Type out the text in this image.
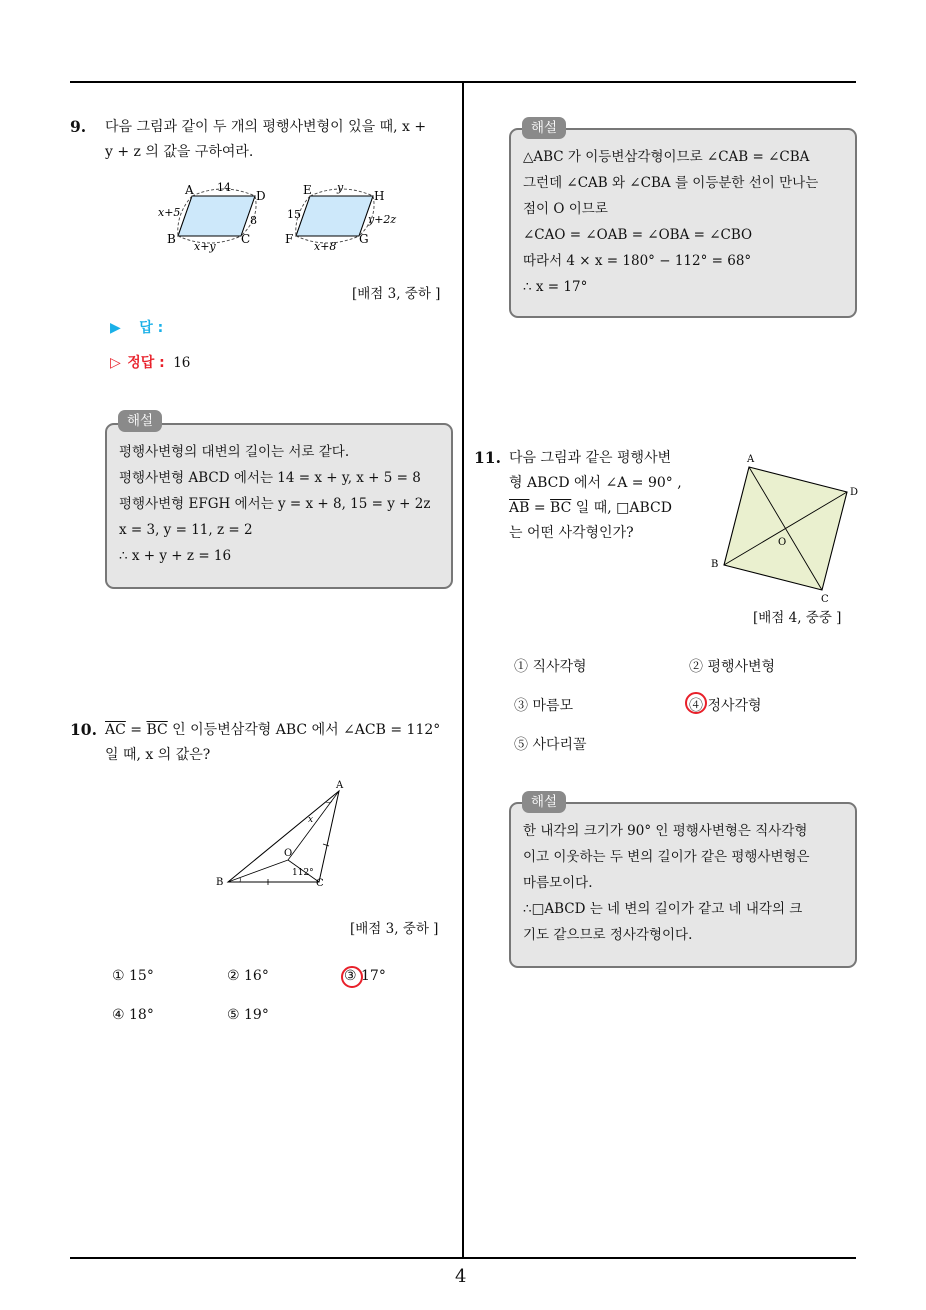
4
9. 다음 그림과 같이 두 개의 평행사변형이 있을 때, x +
y + z 의 값을 구하여라.
A	D
B	C
14
x+5
8
x+y
E	H
F	G
y
15	y+2z
x+8
[배점 3, 중하 ]
▶ 답 :
▷ 정답 : 16
평행사변형의 대변의 길이는 서로 같다.
평행사변형 ABCD 에서는 14 = x + y, x + 5 = 8
평행사변형 EFGH 에서는 y = x + 8, 15 = y + 2z
x = 3, y = 11, z = 2
∴ x + y + z = 16
해설
10. $\overline{AC} = \overline{BC}$ 인 이등변삼각형 ABC 에서 ∠ACB = 112°
일 때, x 의 값은?
A
B	C
O
x
112°
[배점 3, 중하 ]
① 15°	② 16°	③ 17°
④ 18°	⑤ 19°
△ABC 가 이등변삼각형이므로 ∠CAB = ∠CBA
그런데 ∠CAB 와 ∠CBA 를 이등분한 선이 만나는
점이 O 이므로
∠CAO = ∠OAB = ∠OBA = ∠CBO
따라서 4 × x = 180° − 112° = 68°
∴ x = 17°
해설
11. 다음 그림과 같은 평행사변
형 ABCD 에서 ∠A = 90° ,
$\overline{AB} = \overline{BC}$ 일 때, □ABCD
는 어떤 사각형인가?
A
D
B
C
O
[배점 4, 중중 ]
① 직사각형	② 평행사변형
③ 마름모	④ 정사각형
⑤ 사다리꼴
한 내각의 크기가 90° 인 평행사변형은 직사각형
이고 이웃하는 두 변의 길이가 같은 평행사변형은
마름모이다.
∴□ABCD 는 네 변의 길이가 같고 네 내각의 크
기도 같으므로 정사각형이다.
해설
